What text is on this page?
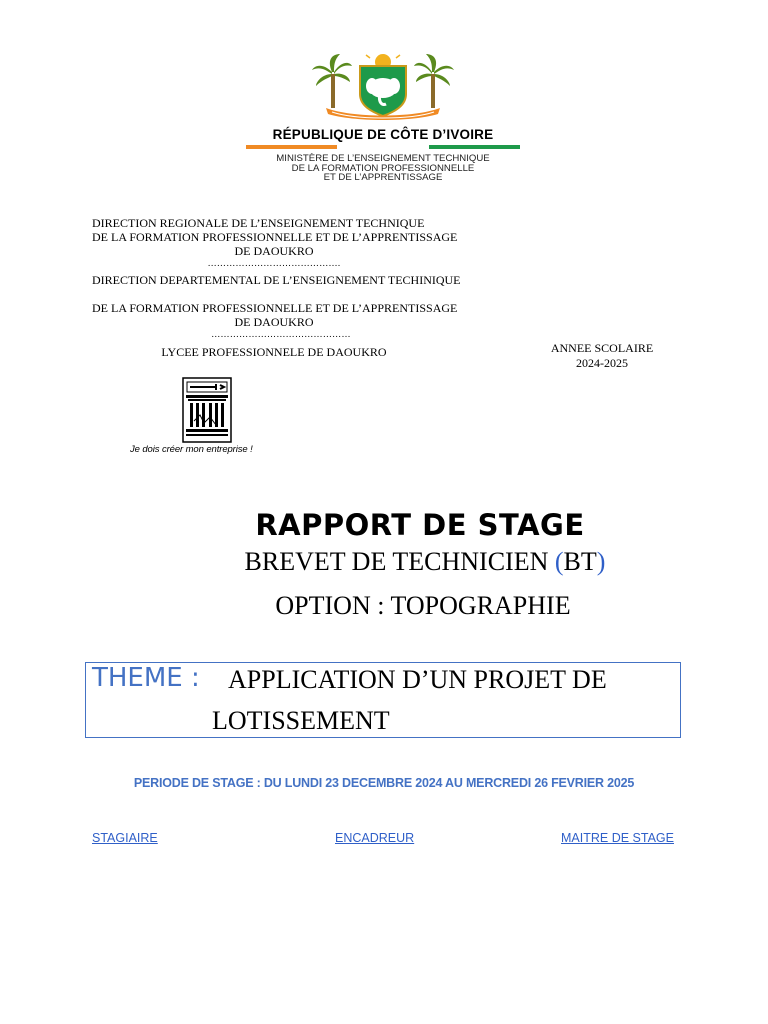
RÉPUBLIQUE DE CÔTE D’IVOIRE
MINISTÈRE DE L’ENSEIGNEMENT TECHNIQUE
DE LA FORMATION PROFESSIONNELLE
ET DE L’APPRENTISSAGE
DIRECTION REGIONALE DE L’ENSEIGNEMENT TECHNIQUE
DE LA FORMATION PROFESSIONNELLE ET DE L’APPRENTISSAGE
DE DAOUKRO
…………………………………….
DIRECTION DEPARTEMENTAL DE L’ENSEIGNEMENT TECHINIQUE
DE LA FORMATION PROFESSIONNELLE ET DE L’APPRENTISSAGE
DE DAOUKRO
………………………………………
LYCEE PROFESSIONNELE DE DAOUKRO	ANNEE SCOLAIRE
2024-2025
Je dois créer mon entreprise !
RAPPORT DE STAGE
BREVET DE TECHNICIEN (BT)
OPTION : TOPOGRAPHIE
THEME : APPLICATION D’UN PROJET DE
LOTISSEMENT
PERIODE DE STAGE : DU LUNDI 23 DECEMBRE 2024 AU MERCREDI 26 FEVRIER 2025
STAGIAIRE	ENCADREUR	MAITRE DE STAGE
